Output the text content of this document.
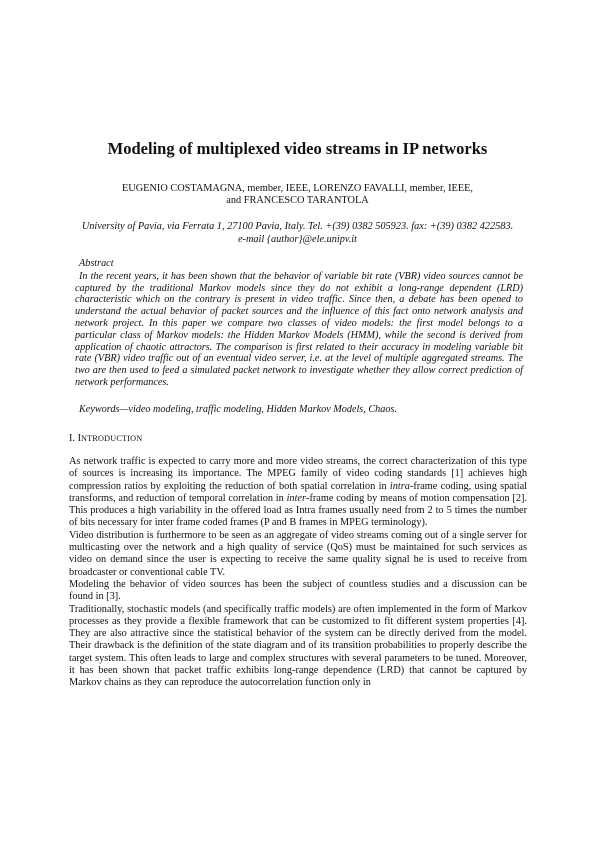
Modeling of multiplexed video streams in IP networks
EUGENIO COSTAMAGNA, member, IEEE, LORENZO FAVALLI, member, IEEE,
and FRANCESCO TARANTOLA
University of Pavia, via Ferrata 1, 27100 Pavia, Italy. Tel. +(39) 0382 505923. fax: +(39) 0382 422583.
e-mail {author}@ele.unipv.it
Abstract

In the recent years, it has been shown that the behavior of variable bit rate (VBR) video sources cannot be captured by the traditional Markov models since they do not exhibit a long-range dependent (LRD) characteristic which on the contrary is present in video traffic. Since then, a debate has been opened to understand the actual behavior of packet sources and the influence of this fact onto network analysis and network project. In this paper we compare two classes of video models: the first model belongs to a particular class of Markov models: the Hidden Markov Models (HMM), while the second is derived from application of chaotic attractors. The comparison is first related to their accuracy in modeling variable bit rate (VBR) video traffic out of an eventual video server, i.e. at the level of multiple aggregated streams. The two are then used to feed a simulated packet network to investigate whether they allow correct prediction of network performances.

Keywords—video modeling, traffic modeling, Hidden Markov Models, Chaos.
I. INTRODUCTION

As network traffic is expected to carry more and more video streams, the correct characterization of this type of sources is increasing its importance. The MPEG family of video coding standards [1] achieves high compression ratios by exploiting the reduction of both spatial correlation in intra-frame coding, using spatial transforms, and reduction of temporal correlation in inter-frame coding by means of motion compensation [2]. This produces a high variability in the offered load as Intra frames usually need from 2 to 5 times the number of bits necessary for inter frame coded frames (P and B frames in MPEG terminology).

Video distribution is furthermore to be seen as an aggregate of video streams coming out of a single server for multicasting over the network and a high quality of service (QoS) must be maintained for such services as video on demand since the user is expecting to receive the same quality signal he is used to receive from broadcaster or conventional cable TV.

Modeling the behavior of video sources has been the subject of countless studies and a discussion can be found in [3].

Traditionally, stochastic models (and specifically traffic models) are often implemented in the form of Markov processes as they provide a flexible framework that can be customized to fit different system properties [4]. They are also attractive since the statistical behavior of the system can be directly derived from the model. Their drawback is the definition of the state diagram and of its transition probabilities to properly describe the target system. This often leads to large and complex structures with several parameters to be tuned. Moreover, it has been shown that packet traffic exhibits long-range dependence (LRD) that cannot be captured by Markov chains as they can reproduce the autocorrelation function only in
